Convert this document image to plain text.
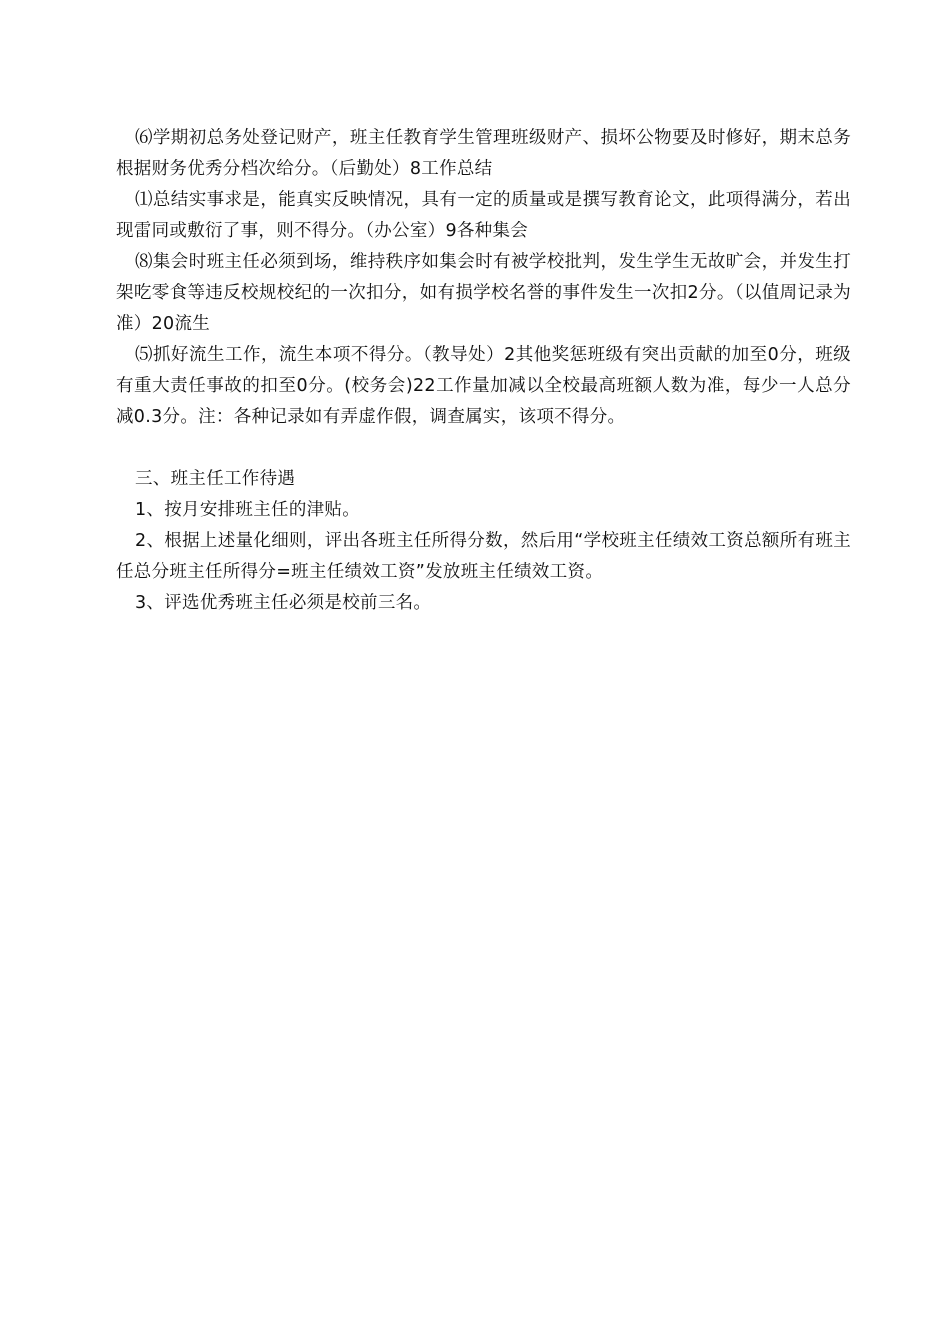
⑹学期初总务处登记财产，班主任教育学生管理班级财产、损坏公物要及时修好，期末总务根据财务优秀分档次给分。（后勤处）8工作总结

⑴总结实事求是，能真实反映情况，具有一定的质量或是撰写教育论文，此项得满分，若出现雷同或敷衍了事，则不得分。（办公室）9各种集会

⑻集会时班主任必须到场，维持秩序如集会时有被学校批判，发生学生无故旷会，并发生打架吃零食等违反校规校纪的一次扣分，如有损学校名誉的事件发生一次扣2分。（以值周记录为准）20流生

⑸抓好流生工作，流生本项不得分。（教导处）2其他奖惩班级有突出贡献的加至0分，班级有重大责任事故的扣至0分。(校务会)22工作量加减以全校最高班额人数为准，每少一人总分减0.3分。注：各种记录如有弄虚作假，调查属实，该项不得分。

三、班主任工作待遇

1、按月安排班主任的津贴。

2、根据上述量化细则，评出各班主任所得分数，然后用“学校班主任绩效工资总额所有班主任总分班主任所得分=班主任绩效工资”发放班主任绩效工资。

3、评选优秀班主任必须是校前三名。
